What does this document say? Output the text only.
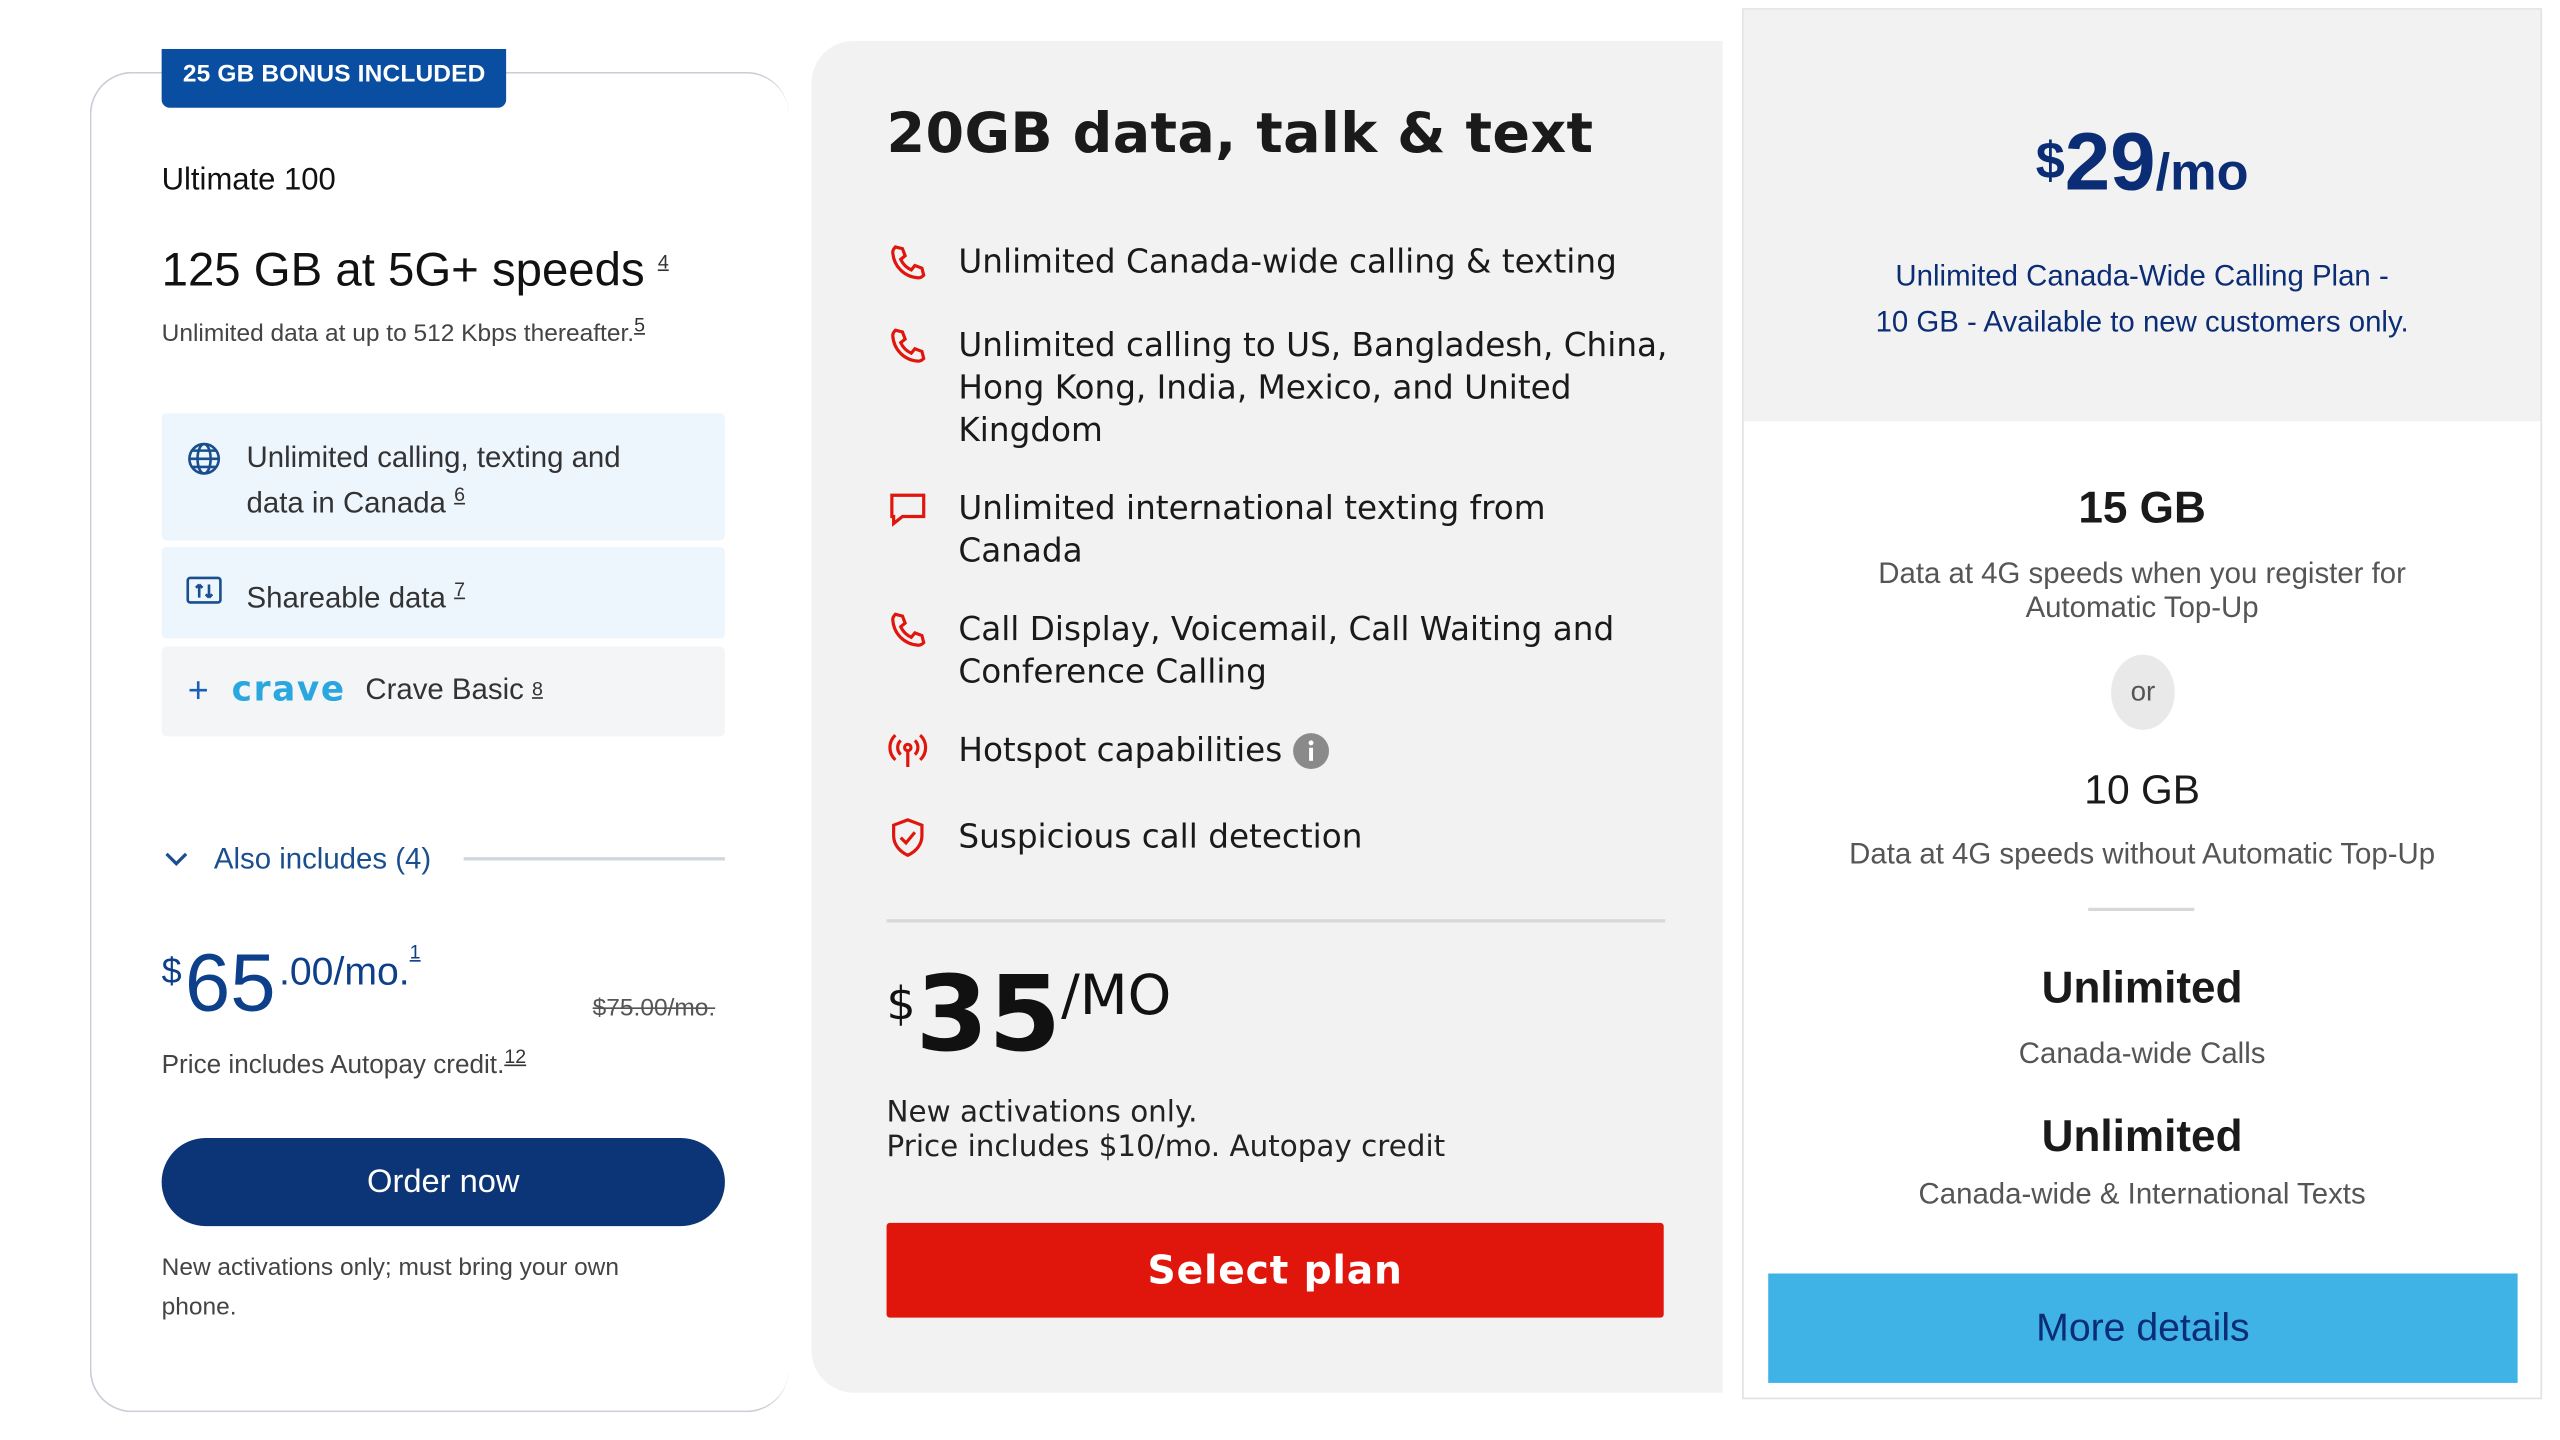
25 GB BONUS INCLUDED
Ultimate 100
125 GB at 5G+ speeds $^4$
Unlimited data at up to 512 Kbps thereafter.$^5$
Unlimited calling, texting and
data in Canada $^6$
Shareable data $^7$
+ crave Crave Basic
8
Also includes (4)
$ 65 .00/mo. 1
$75.00/mo.
Price includes Autopay credit.$^{12}$
Order now
New activations only; must bring your own phone.
20GB data, talk & text
Unlimited Canada-wide calling & texting
Unlimited calling to US, Bangladesh, China, Hong Kong, India, Mexico, and United Kingdom
Unlimited international texting from Canada
Call Display, Voicemail, Call Waiting and Conference Calling
Hotspot capabilities
Suspicious call detection
$ 35 /MO
New activations only.
Price includes $10/mo. Autopay credit
Select plan
$29/mo
Unlimited Canada-Wide Calling Plan -
10 GB - Available to new customers only.
15 GB
Data at 4G speeds when you register for Automatic Top-Up
or
10 GB
Data at 4G speeds without Automatic Top-Up
Unlimited
Canada-wide Calls
Unlimited
Canada-wide & International Texts
More details
